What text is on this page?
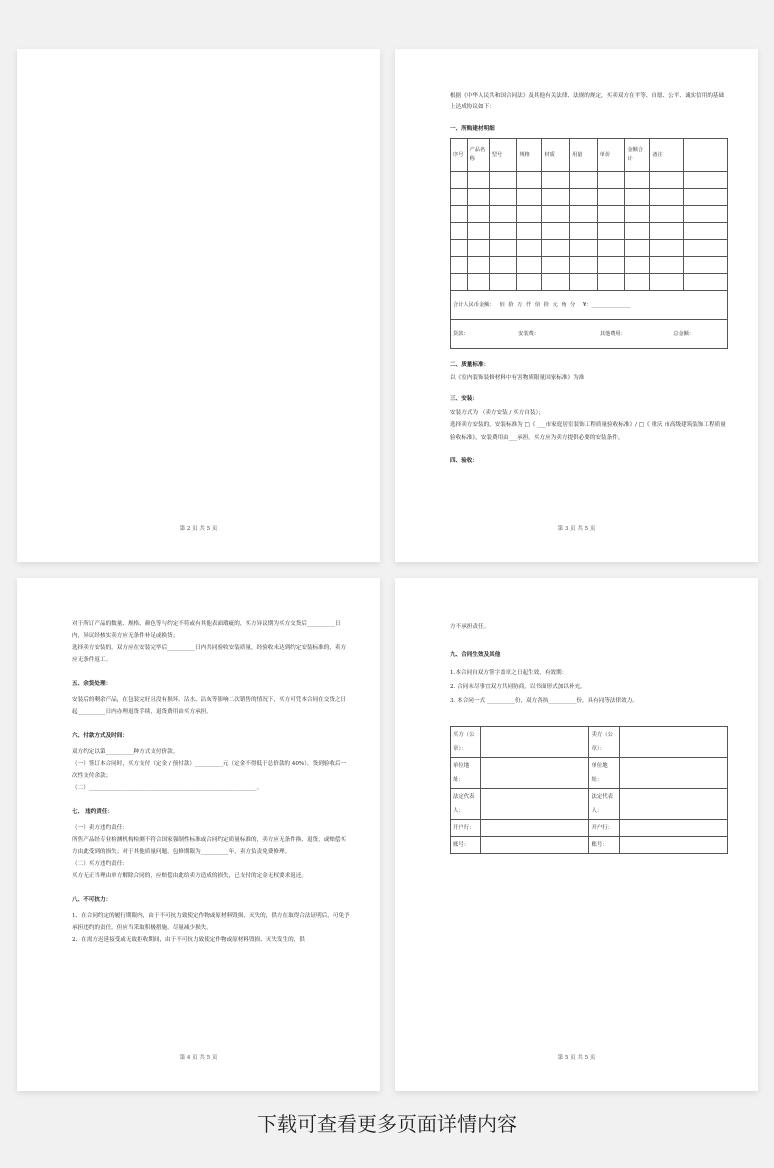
第 2 页 共 5 页

根据《中华人民共和国合同法》及其他有关法律、法规的规定，买卖双方在平等、自愿、公平、诚实信用的基础上达成协议如下：

一、所购建材明细

序号	产品名称	型号	规格	材质	用量	单价	金额合计	备注	

合计人民币金额： 佰 拾 万 仟 佰 拾 元 角 分 ¥：_______________									
货款： 安装费： 其他费用： 总金额：									

二、质量标准：

以《室内装饰装修材料中有害物质限量国家标准》为准

三、安装：

安装方式为 （卖方安装 / 买方自装）；

选择卖方安装的，安装标准为 □《 ___市家庭居室装饰工程质量验收标准》/ □《 重庆 市高级建筑装饰工程质量验收标准》，安装费用由___承担。买方应为卖方提供必要的安装条件。

四、验收：

第 3 页 共 5 页

对于所订产品的数量、规格、颜色等与约定不符或有其他表面瑕疵的，买方异议期为买方交货后__________日内，异议经核实卖方应无条件补足或换货；

选择卖方安装的，双方应在安装完毕后__________日内共同验收安装质量，经验收未达到约定安装标准的，卖方应无条件返工。

五、余货处理：

安装后的剩余产品，在包装完好且没有损坏、沾水、沾灰等影响二次销售的情况下，买方可凭本合同在交货之日起__________日内办理退货手续，退货费用由买方承担。

六、付款方式及时间：

双方约定以第__________种方式支付价款。

（一）签订本合同时，买方支付（定金 / 预付款）__________元（定金不得低于总价款的 40%），货到验收后一次性支付余款；

（二）____________________________________________________________。

七、 违约责任：

（一）卖方违约责任：

所售产品经专业检测机构检测不符合国家强制性标准或合同约定质量标准的，卖方应无条件换、退货，或赔偿买方由此受到的损失；对于其他质量问题，包修期限为__________年，卖方负责免费修理。

（二）买方违约责任：

买方无正当理由单方解除合同的，应赔偿由此给卖方造成的损失，已支付的定金无权要求返还。

八、不可抗力：

1、在合同约定的履行期限内，由于不可抗力致使定作物或原材料毁损、灭失的，供方在取得合法证明后，可免予承担违约的责任，但应当采取积极措施，尽量减少损失。

2、在需方迟延接受或无故拒收期间，由于不可抗力致使定作物或原材料毁损、灭失发生的，供

第 4 页 共 5 页

方不承担责任。

九、合同生效及其他

1.本合同自双方签字盖章之日起生效，有效期：

2. 合同未尽事宜双方共同协商，以书面形式加以补充。

3. 本合同一式 __________份，双方各执__________份，具有同等法律效力。

买方（公章）：		卖方（公章）：	
单位地址：		单位地址：	
法定代表人：		法定代表人：	
开户行：		开户行：	
账号：		账号：	
第 5 页 共 5 页
下载可查看更多页面详情内容
